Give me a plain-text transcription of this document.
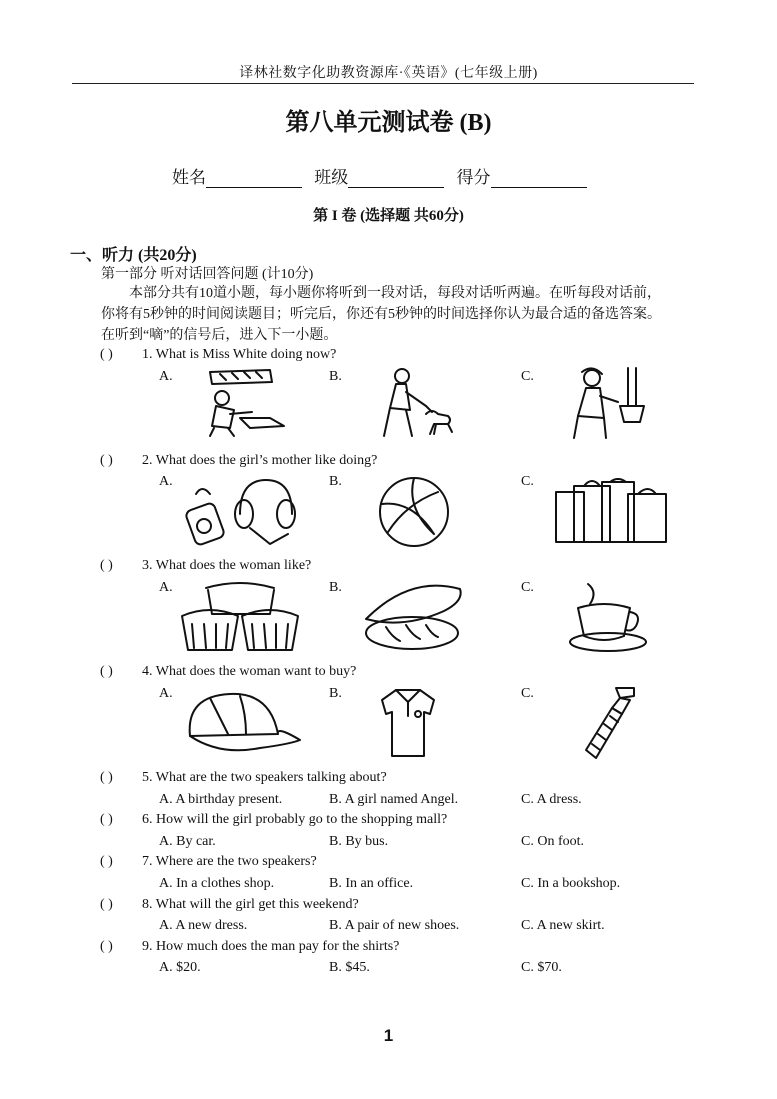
译林社数字化助教资源库·《英语》(七年级上册)
第八单元测试卷 (B)
姓名	班级	得分
第 I 卷 (选择题 共60分)
一、听力 (共20分)
第一部分 听对话回答问题 (计10分)

本部分共有10道小题，每小题你将听到一段对话，每段对话听两遍。在听每段对话前，

你将有5秒钟的时间阅读题目；听完后，你还有5秒钟的时间选择你认为最合适的备选答案。

在听到“嘀”的信号后，进入下一小题。

( ) 1. What is Miss White doing now?
A.	B.	C.
( ) 2. What does the girl’s mother like doing?
A.	B.	C.
( ) 3. What does the woman like?
A.	B.	C.
( ) 4. What does the woman want to buy?
A.	B.	C.
( ) 5. What are the two speakers talking about?
A. A birthday present.	B. A girl named Angel.	C. A dress.
( ) 6. How will the girl probably go to the shopping mall?
A. By car.	B. By bus.	C. On foot.
( ) 7. Where are the two speakers?
A. In a clothes shop.	B. In an office.	C. In a bookshop.
( ) 8. What will the girl get this weekend?
A. A new dress.	B. A pair of new shoes.	C. A new skirt.
( ) 9. How much does the man pay for the shirts?
A. $20.	B. $45.	C. $70.
1
